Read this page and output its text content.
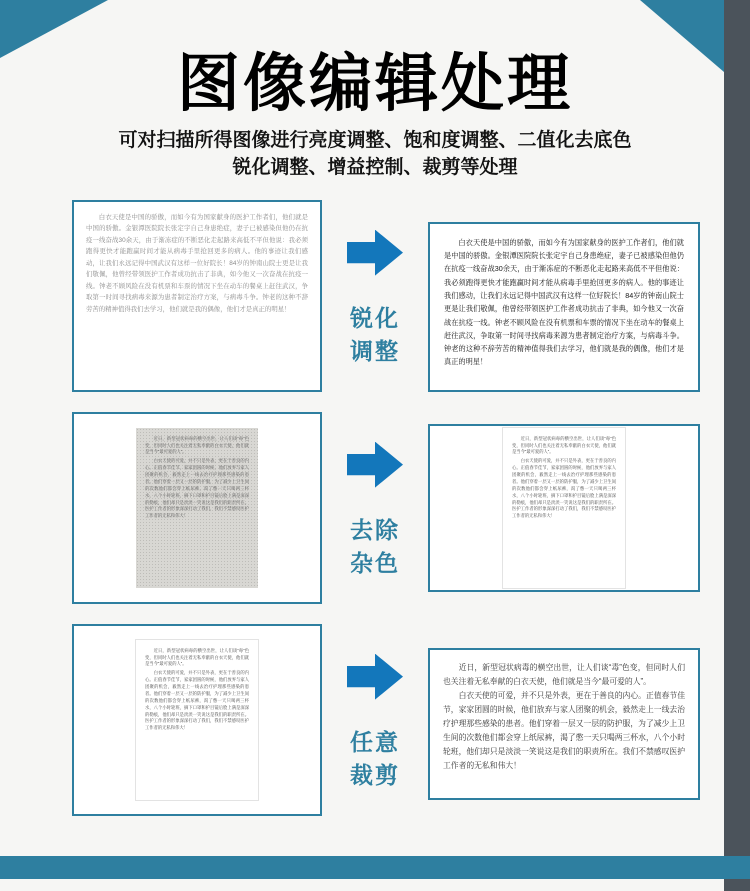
图像编辑处理

可对扫描所得图像进行亮度调整、饱和度调整、二值化去底色
锐化调整、增益控制、裁剪等处理

白衣天使是中国的骄傲，而如今有为国家献身的医护工作者们，他们就是中国的骄傲。金银潭医院院长张定宇自己身患绝症，妻子已被感染但他仍在抗疫一线奋战30余天，由于渐冻症的不断恶化走起路来高低不平但他说：我必须跑得更快才能跑赢时间才能从病毒手里抢回更多的病人。他的事迹让我们感动，让我们永远记得中国武汉有这样一位好院长！84岁的钟南山院士更是让我们敬佩，他曾经带领医护工作者成功抗击了非典，如今他又一次奋战在抗疫一线。钟老不顾风险在没有机票和车票的情况下坐在动车的餐桌上赶往武汉，争取第一时间寻找病毒来源为患者制定治疗方案，与病毒斗争。钟老的这种不辞劳苦的精神值得我们去学习，他们就是我的偶像，他们才是真正的明星！	锐化
调整

白衣天使是中国的骄傲，而如今有为国家献身的医护工作者们，他们就是中国的骄傲。金银潭医院院长张定宇自己身患绝症，妻子已被感染但他仍在抗疫一线奋战30余天，由于渐冻症的不断恶化走起路来高低不平但他说：我必须跑得更快才能跑赢时间才能从病毒手里抢回更多的病人。他的事迹让我们感动，让我们永远记得中国武汉有这样一位好院长！84岁的钟南山院士更是让我们敬佩，他曾经带领医护工作者成功抗击了非典，如今他又一次奋战在抗疫一线。钟老不顾风险在没有机票和车票的情况下坐在动车的餐桌上赶往武汉，争取第一时间寻找病毒来源为患者制定治疗方案，与病毒斗争。钟老的这种不辞劳苦的精神值得我们去学习，他们就是我的偶像，他们才是真正的明星！

近日，新型冠状病毒的横空出世，让人们谈“毒”色变，但同时人们也关注着无私奉献的白衣天使，他们就是当今“最可爱的人”。

白衣天使的可爱，并不只是外表，更在于善良的内心。正值春节佳节，家家团圆的时候，他们放弃与家人团聚的机会，毅然走上一线去治疗护理那些感染的患者。他们穿着一层又一层的防护服，为了减少上卫生间的次数他们都会穿上纸尿裤，渴了憋一天只喝两三杯水，八个小时轮班，摘下口罩和护目镜后脸上满是深深的勒痕，他们却只是淡淡一笑说这是我们的职责所在。医护工作者的形象深深打动了我们，我们不禁感叹医护工作者的无私和伟大！

去除
杂色

近日，新型冠状病毒的横空出世，让人们谈“毒”色变，但同时人们也关注着无私奉献的白衣天使，他们就是当今“最可爱的人”。

白衣天使的可爱，并不只是外表，更在于善良的内心。正值春节佳节，家家团圆的时候，他们放弃与家人团聚的机会，毅然走上一线去治疗护理那些感染的患者。他们穿着一层又一层的防护服，为了减少上卫生间的次数他们都会穿上纸尿裤，渴了憋一天只喝两三杯水，八个小时轮班，摘下口罩和护目镜后脸上满是深深的勒痕，他们却只是淡淡一笑说这是我们的职责所在。医护工作者的形象深深打动了我们，我们不禁感叹医护工作者的无私和伟大！

近日，新型冠状病毒的横空出世，让人们谈“毒”色变，但同时人们也关注着无私奉献的白衣天使，他们就是当今“最可爱的人”。

白衣天使的可爱，并不只是外表，更在于善良的内心。正值春节佳节，家家团圆的时候，他们放弃与家人团聚的机会，毅然走上一线去治疗护理那些感染的患者。他们穿着一层又一层的防护服，为了减少上卫生间的次数他们都会穿上纸尿裤，渴了憋一天只喝两三杯水，八个小时轮班，摘下口罩和护目镜后脸上满是深深的勒痕，他们却只是淡淡一笑说这是我们的职责所在。医护工作者的形象深深打动了我们，我们不禁感叹医护工作者的无私和伟大！

任意
裁剪

近日，新型冠状病毒的横空出世，让人们谈“毒”色变，但同时人们也关注着无私奉献的白衣天使，他们就是当今“最可爱的人”。

白衣天使的可爱，并不只是外表，更在于善良的内心。正值春节佳节，家家团圆的时候，他们放弃与家人团聚的机会，毅然走上一线去治疗护理那些感染的患者。他们穿着一层又一层的防护服，为了减少上卫生间的次数他们都会穿上纸尿裤，渴了憋一天只喝两三杯水，八个小时轮班，他们却只是淡淡一笑说这是我们的职责所在。我们不禁感叹医护工作者的无私和伟大！
